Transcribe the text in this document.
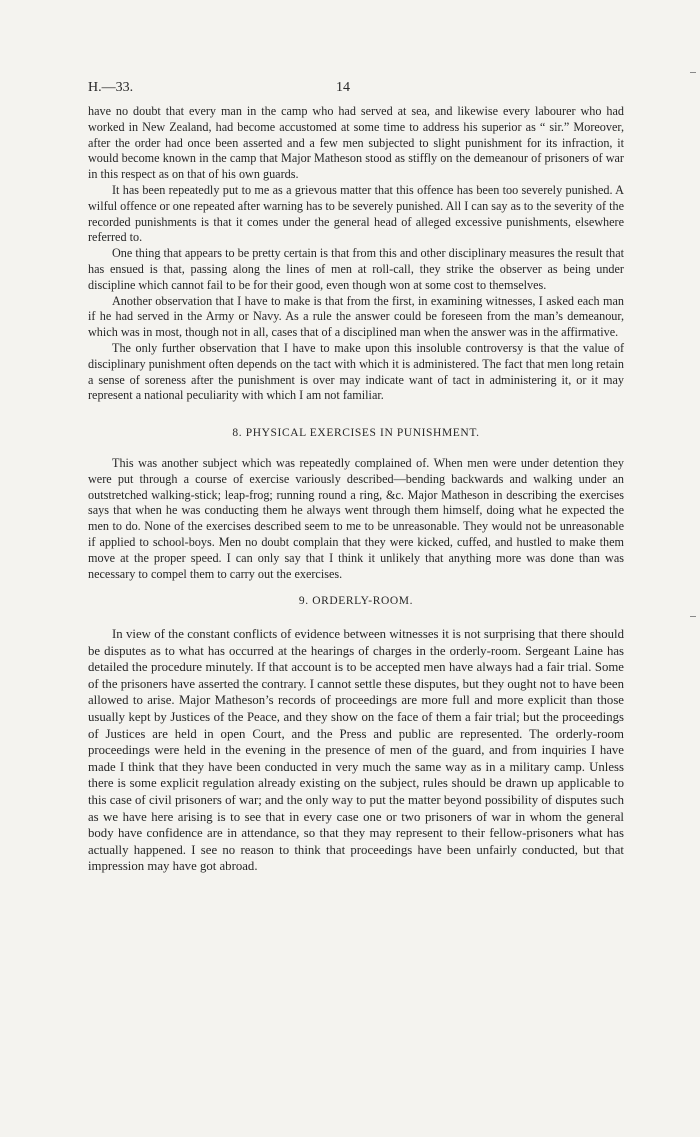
H.—33.	14

have no doubt that every man in the camp who had served at sea, and likewise every labourer who had worked in New Zealand, had become accustomed at some time to address his superior as “ sir.” Moreover, after the order had once been asserted and a few men subjected to slight punishment for its infraction, it would become known in the camp that Major Matheson stood as stiffly on the demeanour of prisoners of war in this respect as on that of his own guards.

It has been repeatedly put to me as a grievous matter that this offence has been too severely punished. A wilful offence or one repeated after warning has to be severely punished. All I can say as to the severity of the recorded punishments is that it comes under the general head of alleged excessive punishments, elsewhere referred to.

One thing that appears to be pretty certain is that from this and other disciplinary measures the result that has ensued is that, passing along the lines of men at roll-call, they strike the observer as being under discipline which cannot fail to be for their good, even though won at some cost to themselves.

Another observation that I have to make is that from the first, in examining witnesses, I asked each man if he had served in the Army or Navy. As a rule the answer could be foreseen from the man’s demeanour, which was in most, though not in all, cases that of a disciplined man when the answer was in the affirmative.

The only further observation that I have to make upon this insoluble controversy is that the value of disciplinary punishment often depends on the tact with which it is administered. The fact that men long retain a sense of soreness after the punishment is over may indicate want of tact in administering it, or it may represent a national peculiarity with which I am not familiar.

8. PHYSICAL EXERCISES IN PUNISHMENT.

This was another subject which was repeatedly complained of. When men were under detention they were put through a course of exercise variously described—bending backwards and walking under an outstretched walking-stick; leap-frog; running round a ring, &c. Major Matheson in describing the exercises says that when he was conducting them he always went through them himself, doing what he expected the men to do. None of the exercises described seem to me to be unreasonable. They would not be unreasonable if applied to school-boys. Men no doubt complain that they were kicked, cuffed, and hustled to make them move at the proper speed. I can only say that I think it unlikely that anything more was done than was necessary to compel them to carry out the exercises.

9. ORDERLY-ROOM.

In view of the constant conflicts of evidence between witnesses it is not surprising that there should be disputes as to what has occurred at the hearings of charges in the orderly-room. Sergeant Laine has detailed the procedure minutely. If that account is to be accepted men have always had a fair trial. Some of the prisoners have asserted the contrary. I cannot settle these disputes, but they ought not to have been allowed to arise. Major Matheson’s records of proceedings are more full and more explicit than those usually kept by Justices of the Peace, and they show on the face of them a fair trial; but the proceedings of Justices are held in open Court, and the Press and public are represented. The orderly-room proceedings were held in the evening in the presence of men of the guard, and from inquiries I have made I think that they have been conducted in very much the same way as in a military camp. Unless there is some explicit regulation already existing on the subject, rules should be drawn up applicable to this case of civil prisoners of war; and the only way to put the matter beyond possibility of disputes such as we have here arising is to see that in every case one or two prisoners of war in whom the general body have confidence are in attendance, so that they may represent to their fellow-prisoners what has actually happened. I see no reason to think that proceedings have been unfairly conducted, but that impression may have got abroad.
